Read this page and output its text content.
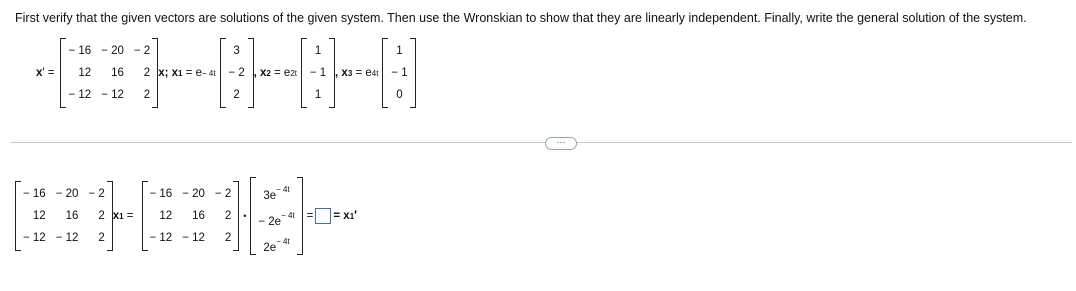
First verify that the given vectors are solutions of the given system. Then use the Wronskian to show that they are linearly independent. Finally, write the general solution of the system.
x ′ =
− 16 − 20 − 2
12	16	2
− 12 − 12	2
x; x 1 = e − 4t
3
− 2
2
, x 2 = e 2t
1
− 1
1
, x 3 = e 4t
1
− 1
0
···
− 16 − 20 − 2
12	16	2
− 12 − 12	2
x 1 =
− 16 − 20 − 2
12	16	2
− 12 − 12	2
•
$3e^{- 4t}$
− $2e^{- 4t}$
$2e^{- 4t}$
= = x 1 ′
